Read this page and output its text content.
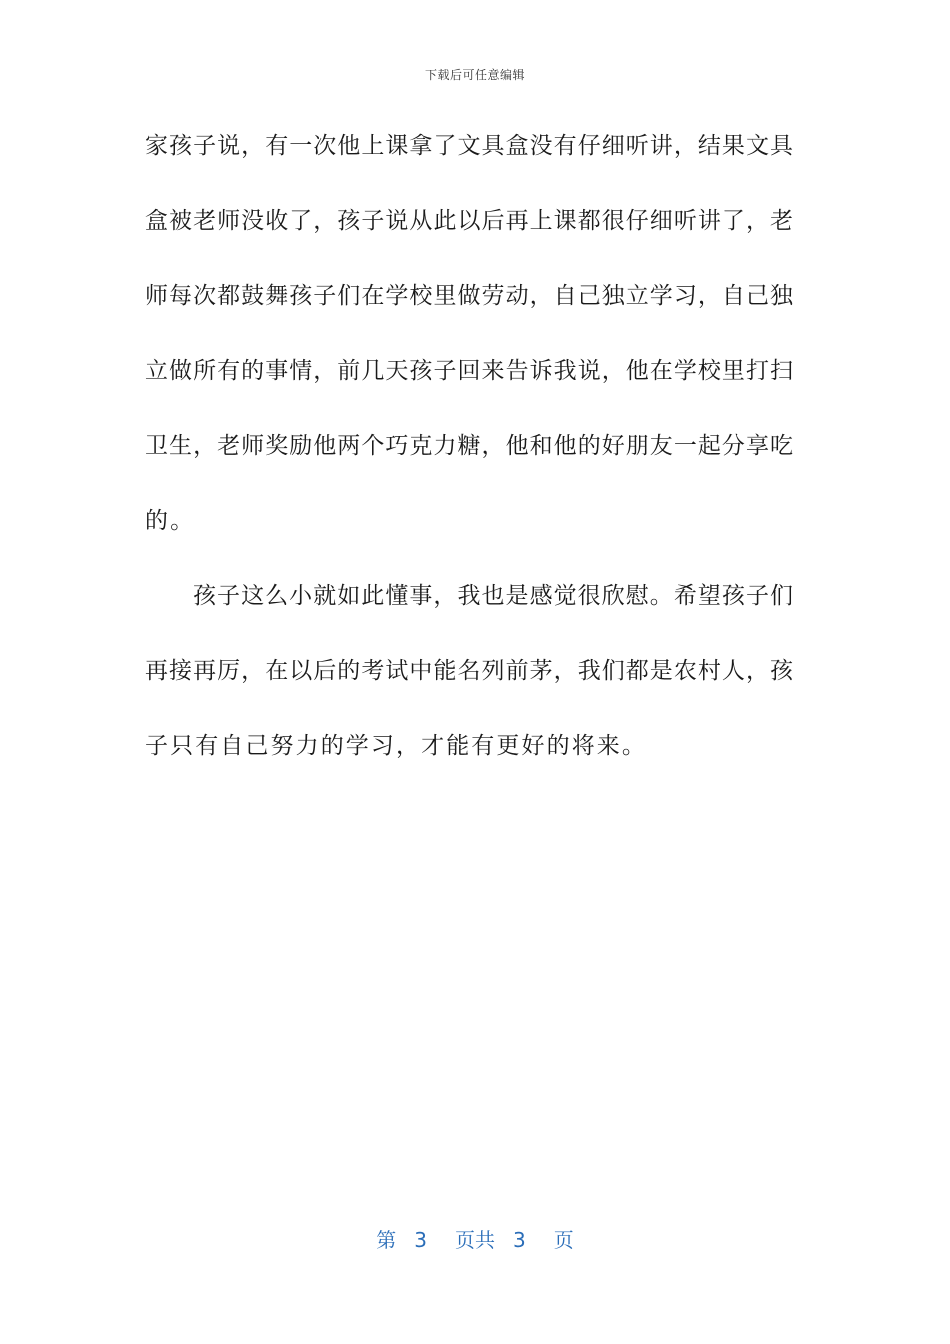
下载后可任意编辑
家孩子说，有一次他上课拿了文具盒没有仔细听讲，结果文具
盒被老师没收了，孩子说从此以后再上课都很仔细听讲了，老
师每次都鼓舞孩子们在学校里做劳动，自己独立学习，自己独
立做所有的事情，前几天孩子回来告诉我说，他在学校里打扫
卫生，老师奖励他两个巧克力糖，他和他的好朋友一起分享吃
的。
孩子这么小就如此懂事，我也是感觉很欣慰。希望孩子们
再接再厉，在以后的考试中能名列前茅，我们都是农村人，孩
子只有自己努力的学习，才能有更好的将来。
第 3 页共 3 页
